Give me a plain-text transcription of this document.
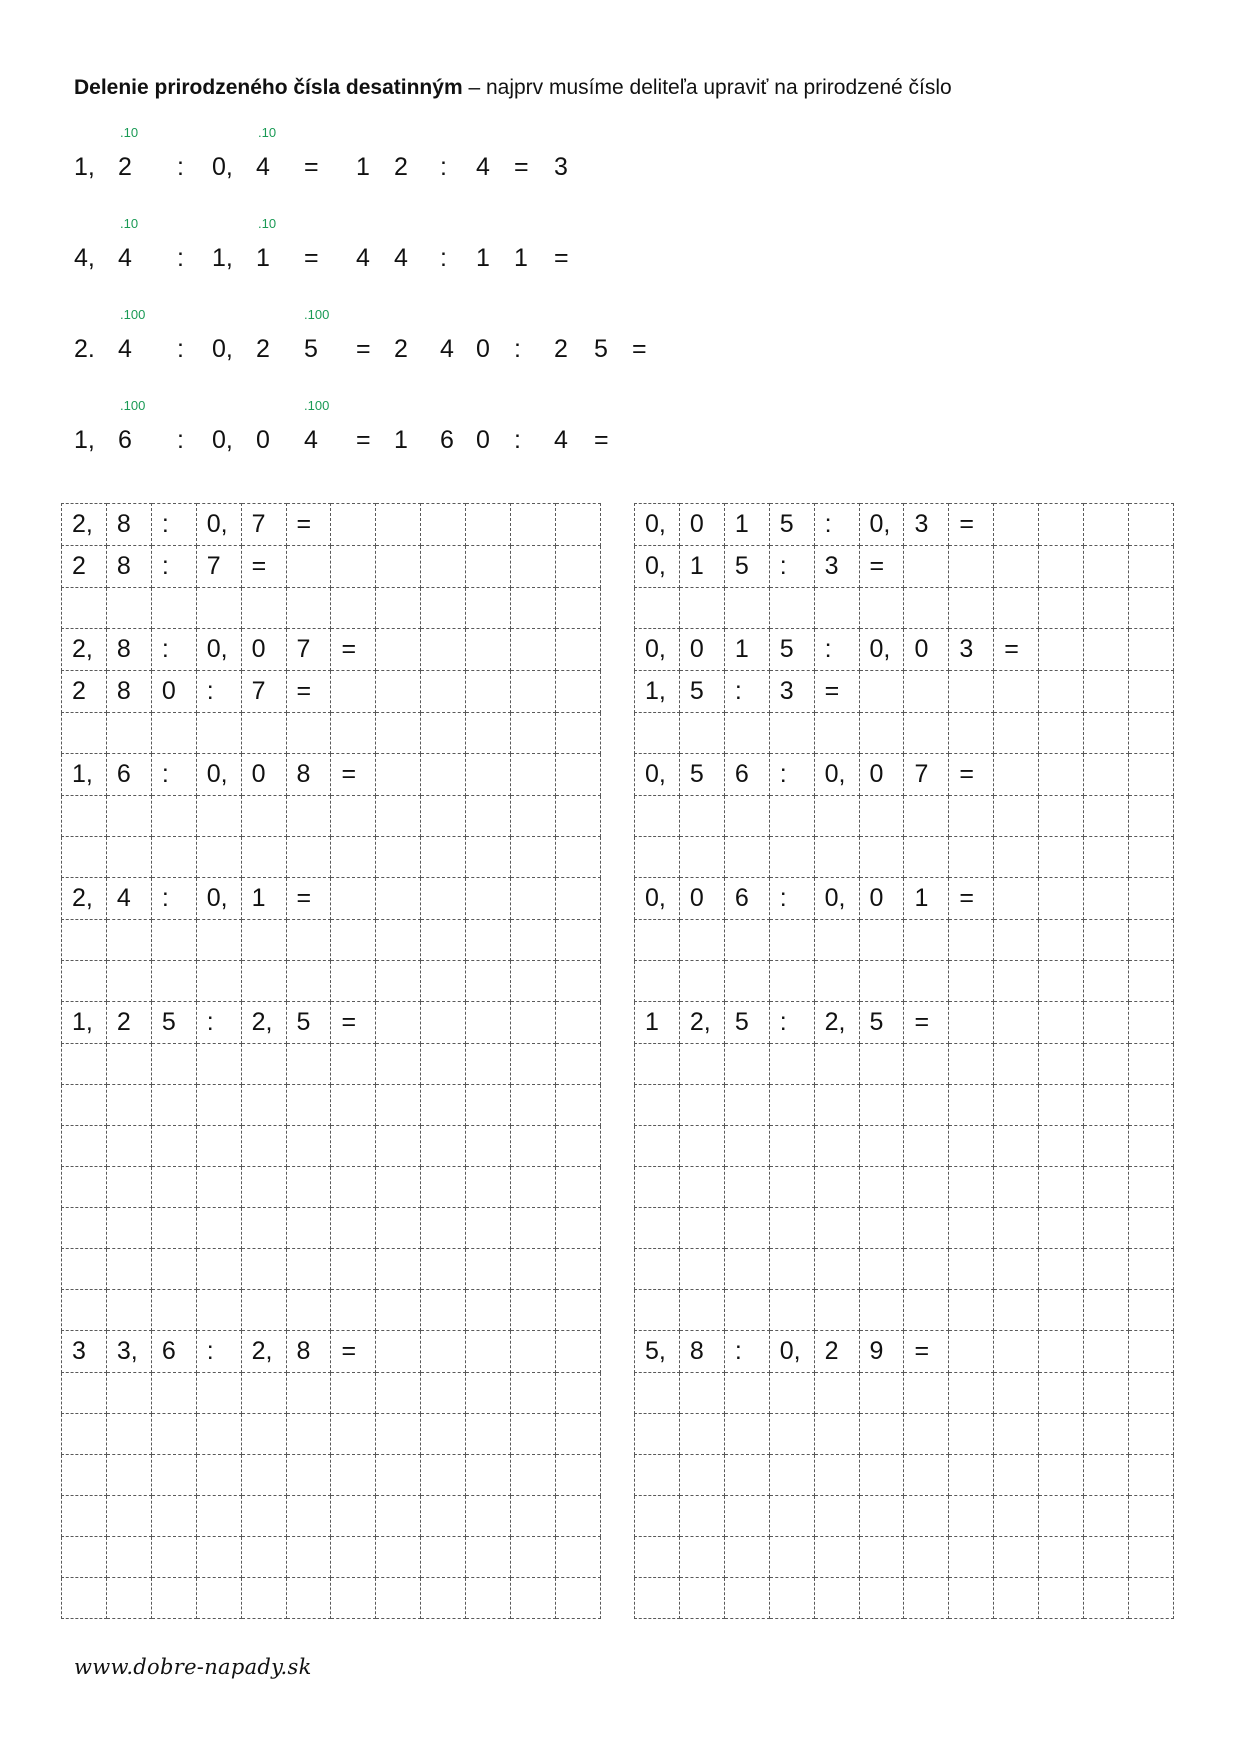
Delenie prirodzeného čísla desatinným – najprv musíme deliteľa upraviť na prirodzené číslo
1, 2 : 0, 4 = 1 2 : 4 = 3
.10	.10
4, 4 : 1, 1 = 4 4 : 1 1 =
.10	.10
2. 4 : 0, 2 5 = 2 4 0 : 2 5 =
.100	.100
1, 6 : 0, 0 4 = 1 6 0 : 4 =
.100	.100
2,	8	:	0,	7	=						
2	8	:	7	=							

2,	8	:	0,	0	7	=					
2	8	0	:	7	=						

1,	6	:	0,	0	8	=					

2,	4	:	0,	1	=						

1,	2	5	:	2,	5	=					

3	3,	6	:	2,	8	=					

0,	0	1	5	:	0,	3	=				
0,	1	5	:	3	=						

0,	0	1	5	:	0,	0	3	=			
1,	5	:	3	=							

0,	5	6	:	0,	0	7	=				

0,	0	6	:	0,	0	1	=				

1	2,	5	:	2,	5	=					

5,	8	:	0,	2	9	=					

www.dobre-napady.sk
